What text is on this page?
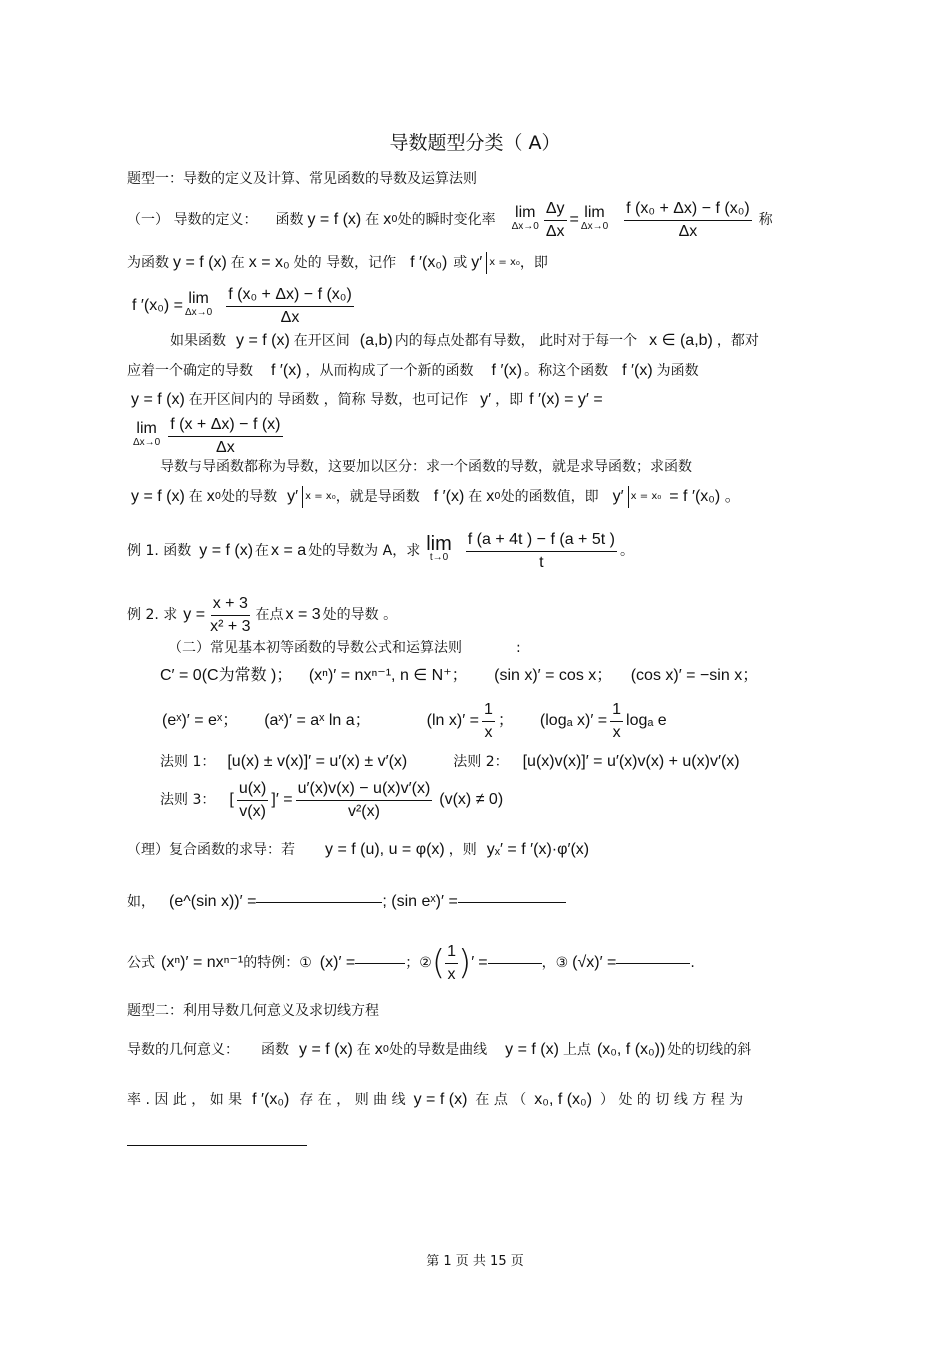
导数题型分类（ A）
题型一：导数的定义及计算、常见函数的导数及运算法则
（一） 导数的定义： 函数 y = f (x) 在 x 0 处的瞬时变化率 lim
$\Delta x\to 0 \frac{\Delta y}{\Delta x} = \lim$
$\Delta x\to 0 \frac{\text{f (x₀ + Δx) − f (x₀)}}{\Delta x}$ 称
为函数 y = f (x) 在 x = x₀ 处的 导数，记作 f ′(x₀) 或 y′ x = x₀ ，即
f ′(x₀) = lim
$\Delta x\to 0 \frac{\text{f (x₀ + Δx) − f (x₀)}}{\Delta x}$
如果函数 y = f (x) 在开区间 (a,b) 内的每点处都有导数， 此时对于每一个 x ∈ (a,b) ，都对
应着一个确定的导数 f ′(x) ，从而构成了一个新的函数 f ′(x) 。称这个函数 f ′(x) 为函数
y = f (x) 在开区间内的 导函数 ，简称 导数，也可记作 y′ ，即 f ′(x) = y′ =
lim
$\Delta x\to 0 \frac{f (x + \Delta x) - f (x)}{\Delta x}$
导数与导函数都称为导数，这要加以区分：求一个函数的导数，就是求导函数；求函数
y = f (x) 在 x 0 处的导数 y′ x = x₀ ，就是导函数 f ′(x) 在 x 0 处的函数值，即 y′ x = x₀ = f ′(x₀) 。
例 1. 函数 y = f (x) 在 x = a 处的导数为 A，求 lim
$t\to 0 \frac{f (a + 4t ) - f (a + 5t )}{t}$ 。
例 2. 求 $y = \frac{x + 3}{\text{x² + 3}}$ 在点 x = 3 处的导数 。
（二）常见基本初等函数的导数公式和运算法则	:
C′ = 0(C为常数 )； (xⁿ)′ = nxⁿ⁻¹, n ∈ N⁺； (sin x)′ = cos x； (cos x)′ = −sin x；
(eˣ)′ = eˣ； (aˣ)′ = aˣ ln a；	(ln $x)' = \frac{1}{x}$ ； (logₐ $x)' = \frac{1}{x}$ logₐ e
法则 1： [u(x) ± v(x)]′ = u′(x) ± v′(x)	法则 2： [u(x)v(x)]′ = u′(x)v(x) + u(x)v′(x)
法则 3： [ $\frac{u(x)}{v(x)}$ ]′ = $\frac{u'(x)v(x) - u(x)v'(x)}{\text{v²(x)}} (v(x) \ne 0)$
（理）复合函数的求导：若 y = f (u), u = φ(x) ，则 yₓ′ = f ′(x)·φ′(x)
如， (e^(sin x))′ =	; (sin eˣ)′ =
公式 (xⁿ)′ = nxⁿ⁻¹ 的特例：① (x)′ =	；② ( $\frac{1}{x}$ ) ′ =	，③ (√x)′ =	.
题型二：利用导数几何意义及求切线方程
导数的几何意义： 函数 y = f (x) 在 x 0 处的导数是曲线 y = f (x) 上点 (x₀, f (x₀)) 处的切线的斜
率 . 因 此 ， 如 果 f ′(x₀) 存 在 ， 则 曲 线 y = f (x) 在 点 （ x₀, f (x₀) ） 处 的 切 线 方 程 为
第 1 页 共 15 页
